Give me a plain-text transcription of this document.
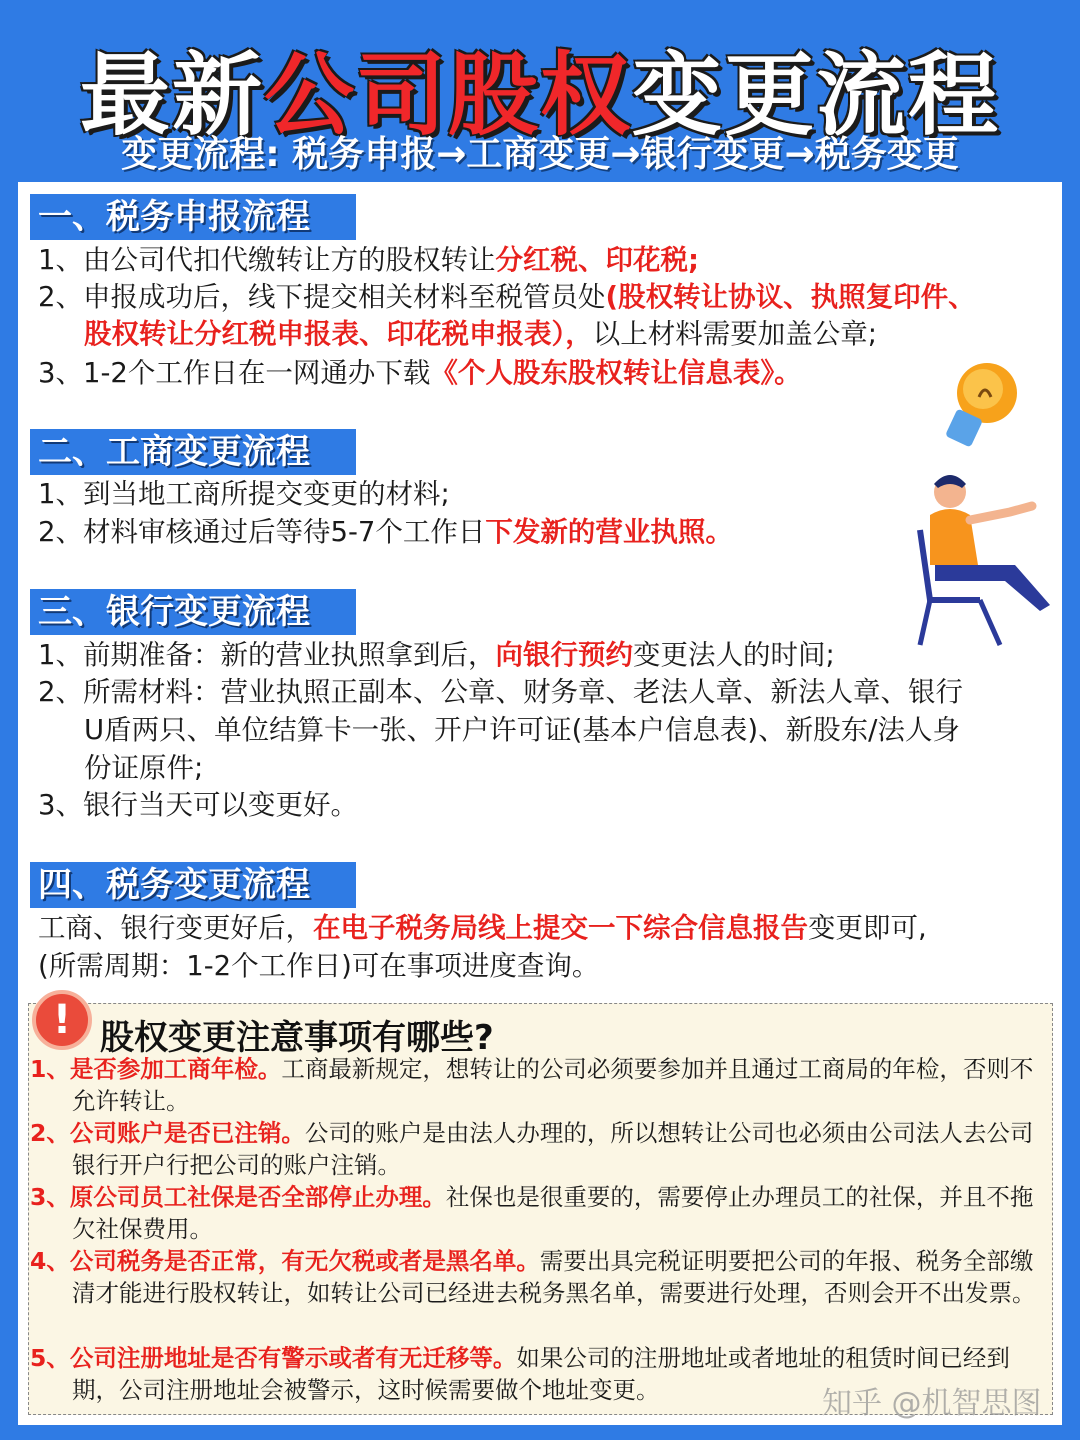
最新公司股权变更流程
变更流程: 税务申报→工商变更→银行变更→税务变更
一、税务申报流程
1、由公司代扣代缴转让方的股权转让分红税、印花税;
2、申报成功后，线下提交相关材料至税管员处(股权转让协议、执照复印件、
股权转让分红税申报表、印花税申报表），以上材料需要加盖公章;
3、1-2个工作日在一网通办下载《个人股东股权转让信息表》。
二、工商变更流程
1、到当地工商所提交变更的材料;
2、材料审核通过后等待5-7个工作日下发新的营业执照。
三、银行变更流程
1、前期准备：新的营业执照拿到后，向银行预约变更法人的时间;
2、所需材料：营业执照正副本、公章、财务章、老法人章、新法人章、银行
U盾两只、单位结算卡一张、开户许可证(基本户信息表)、新股东/法人身
份证原件;
3、银行当天可以变更好。
四、税务变更流程
工商、银行变更好后，在电子税务局线上提交一下综合信息报告变更即可,
(所需周期：1-2个工作日)可在事项进度查询。
! 股权变更注意事项有哪些?
1、是否参加工商年检。工商最新规定，想转让的公司必须要参加并且通过工商局的年检，否则不允许转让。
2、公司账户是否已注销。公司的账户是由法人办理的，所以想转让公司也必须由公司法人去公司银行开户行把公司的账户注销。
3、原公司员工社保是否全部停止办理。社保也是很重要的，需要停止办理员工的社保，并且不拖欠社保费用。
4、公司税务是否正常，有无欠税或者是黑名单。需要出具完税证明要把公司的年报、税务全部缴清才能进行股权转让，如转让公司已经进去税务黑名单，需要进行处理，否则会开不出发票。
5、公司注册地址是否有警示或者有无迁移等。如果公司的注册地址或者地址的租赁时间已经到期，公司注册地址会被警示，这时候需要做个地址变更。	知乎 @机智思图
